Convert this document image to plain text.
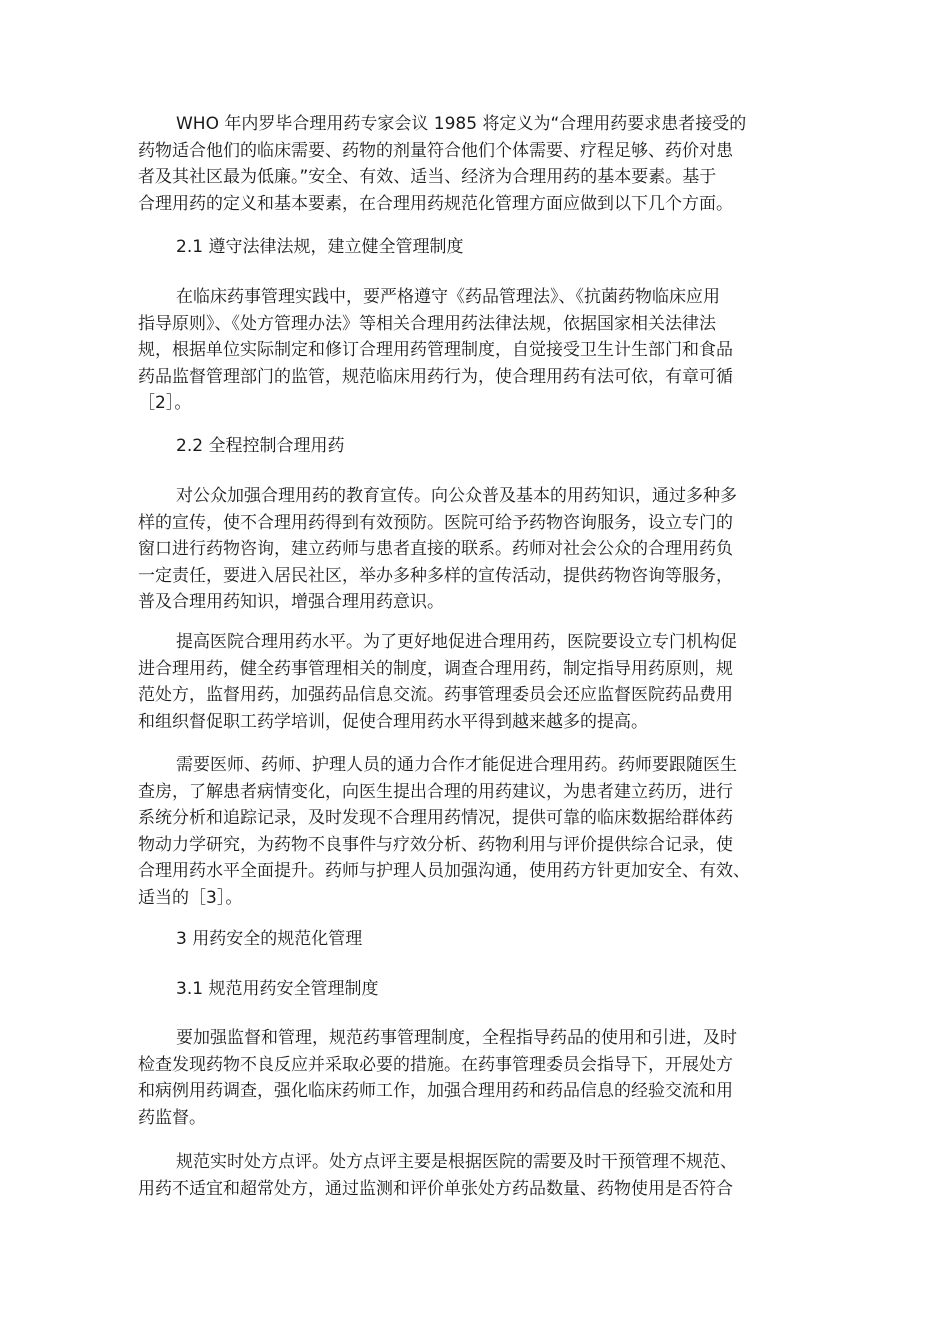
WHO 年内罗毕合理用药专家会议 1985 将定义为“合理用药要求患者接受的
药物适合他们的临床需要、药物的剂量符合他们个体需要、疗程足够、药价对患
者及其社区最为低廉。”安全、有效、适当、经济为合理用药的基本要素。基于
合理用药的定义和基本要素，在合理用药规范化管理方面应做到以下几个方面。
2.1 遵守法律法规，建立健全管理制度
在临床药事管理实践中，要严格遵守《药品管理法》、《抗菌药物临床应用
指导原则》、《处方管理办法》等相关合理用药法律法规，依据国家相关法律法
规，根据单位实际制定和修订合理用药管理制度，自觉接受卫生计生部门和食品
药品监督管理部门的监管，规范临床用药行为，使合理用药有法可依，有章可循
［2］。
2.2 全程控制合理用药
对公众加强合理用药的教育宣传。向公众普及基本的用药知识，通过多种多
样的宣传，使不合理用药得到有效预防。医院可给予药物咨询服务，设立专门的
窗口进行药物咨询，建立药师与患者直接的联系。药师对社会公众的合理用药负
一定责任，要进入居民社区，举办多种多样的宣传活动，提供药物咨询等服务，
普及合理用药知识，增强合理用药意识。
提高医院合理用药水平。为了更好地促进合理用药，医院要设立专门机构促
进合理用药，健全药事管理相关的制度，调查合理用药，制定指导用药原则，规
范处方，监督用药，加强药品信息交流。药事管理委员会还应监督医院药品费用
和组织督促职工药学培训，促使合理用药水平得到越来越多的提高。
需要医师、药师、护理人员的通力合作才能促进合理用药。药师要跟随医生
查房，了解患者病情变化，向医生提出合理的用药建议，为患者建立药历，进行
系统分析和追踪记录，及时发现不合理用药情况，提供可靠的临床数据给群体药
物动力学研究，为药物不良事件与疗效分析、药物利用与评价提供综合记录，使
合理用药水平全面提升。药师与护理人员加强沟通，使用药方针更加安全、有效、
适当的［3］。
3 用药安全的规范化管理
3.1 规范用药安全管理制度
要加强监督和管理，规范药事管理制度，全程指导药品的使用和引进，及时
检查发现药物不良反应并采取必要的措施。在药事管理委员会指导下，开展处方
和病例用药调查，强化临床药师工作，加强合理用药和药品信息的经验交流和用
药监督。
规范实时处方点评。处方点评主要是根据医院的需要及时干预管理不规范、
用药不适宜和超常处方，通过监测和评价单张处方药品数量、药物使用是否符合
